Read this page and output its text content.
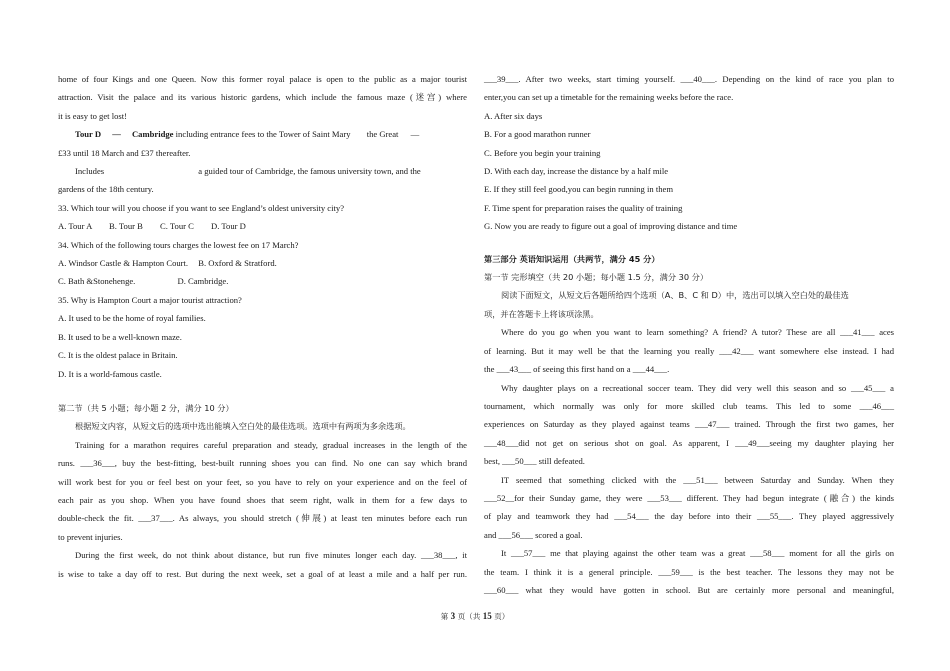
home of four Kings and one Queen. Now this former royal palace is open to the public as a major tourist

attraction. Visit the palace and its various historic gardens, which include the famous maze (迷宫) where

it is easy to get lost!

Tour D — Cambridge including entrance fees to the Tower of Saint Mary the Great —

£33 until 18 March and £37 thereafter.

Includes	a guided tour of Cambridge, the famous university town, and the

gardens of the 18th century.

33. Which tour will you choose if you want to see England’s oldest university city?

A. Tour A B. Tour B C. Tour C D. Tour D

34. Which of the following tours charges the lowest fee on 17 March?

A. Windsor Castle & Hampton Court. B. Oxford & Stratford.

C. Bath &Stonehenge.	D. Cambridge.

35. Why is Hampton Court a major tourist attraction?

A. It used to be the home of royal families.

B. It used to be a well-known maze.

C. It is the oldest palace in Britain.

D. It is a world-famous castle.

第二节（共 5 小题；每小题 2 分，满分 10 分）

根据短文内容，从短文后的选项中选出能填入空白处的最佳选项。选项中有两项为多余选项。

Training for a marathon requires careful preparation and steady, gradual increases in the length of the

runs. ___36___, buy the best-fitting, best-built running shoes you can find. No one can say which brand

will work best for you or feel best on your feet, so you have to rely on your experience and on the feel of

each pair as you shop. When you have found shoes that seem right, walk in them for a few days to

double-check the fit. ___37___. As always, you should stretch (伸展) at least ten minutes before each run

to prevent injuries.

During the first week, do not think about distance, but run five minutes longer each day. ___38___, it

is wise to take a day off to rest. But during the next week, set a goal of at least a mile and a half per run.

___39___. After two weeks, start timing yourself. ___40___. Depending on the kind of race you plan to

enter,you can set up a timetable for the remaining weeks before the race.

A. After six days

B. For a good marathon runner

C. Before you begin your training

D. With each day, increase the distance by a half mile

E. If they still feel good,you can begin running in them

F. Time spent for preparation raises the quality of training

G. Now you are ready to figure out a goal of improving distance and time

第三部分 英语知识运用（共两节，满分 45 分）

第一节 完形填空（共 20 小题；每小题 1.5 分，满分 30 分）

阅读下面短文，从短文后各题所给四个选项（A、B、C 和 D）中，选出可以填入空白处的最佳选

项，并在答题卡上将该项涂黑。

Where do you go when you want to learn something? A friend? A tutor? These are all ___41___ aces

of learning. But it may well be that the learning you really ___42___ want somewhere else instead. I had

the ___43___ of seeing this first hand on a ___44___.

Why daughter plays on a recreational soccer team. They did very well this season and so ___45___ a

tournament, which normally was only for more skilled club teams. This led to some ___46___

experiences on Saturday as they played against teams ___47___ trained. Through the first two games, her

___48___did not get on serious shot on goal. As apparent, I ___49___seeing my daughter playing her

best, ___50___ still defeated.

IT seemed that something clicked with the ___51___ between Saturday and Sunday. When they

___52__for their Sunday game, they were ___53___ different. They had begun integrate (融合) the kinds

of play and teamwork they had ___54___ the day before into their ___55___. They played aggressively

and ___56___ scored a goal.

It ___57___ me that playing against the other team was a great ___58___ moment for all the girls on

the team. I think it is a general principle. ___59___ is the best teacher. The lessons they may not be

___60___ what they would have gotten in school. But are certainly more personal and meaningful,

第 3 页（共 15 页）
